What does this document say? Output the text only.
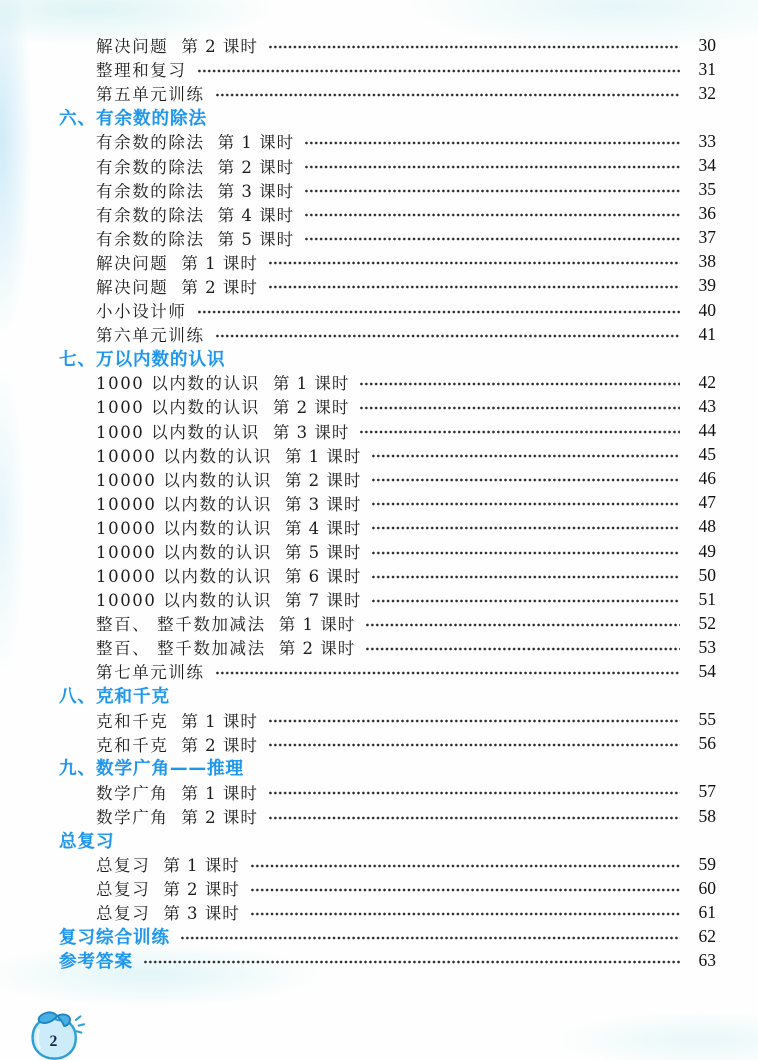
解决问题 第 2 课时	30
整理和复习	31
第五单元训练	32
六、有余数的除法
有余数的除法 第 1 课时	33
有余数的除法 第 2 课时	34
有余数的除法 第 3 课时	35
有余数的除法 第 4 课时	36
有余数的除法 第 5 课时	37
解决问题 第 1 课时	38
解决问题 第 2 课时	39
小小设计师	40
第六单元训练	41
七、万以内数的认识
1000 以内数的认识 第 1 课时	42
1000 以内数的认识 第 2 课时	43
1000 以内数的认识 第 3 课时	44
10000 以内数的认识 第 1 课时	45
10000 以内数的认识 第 2 课时	46
10000 以内数的认识 第 3 课时	47
10000 以内数的认识 第 4 课时	48
10000 以内数的认识 第 5 课时	49
10000 以内数的认识 第 6 课时	50
10000 以内数的认识 第 7 课时	51
整百、 整千数加减法 第 1 课时	52
整百、 整千数加减法 第 2 课时	53
第七单元训练	54
八、克和千克
克和千克 第 1 课时	55
克和千克 第 2 课时	56
九、数学广角——推理
数学广角 第 1 课时	57
数学广角 第 2 课时	58
总复习
总复习 第 1 课时	59
总复习 第 2 课时	60
总复习 第 3 课时	61
复习综合训练	62
参考答案	63
2
